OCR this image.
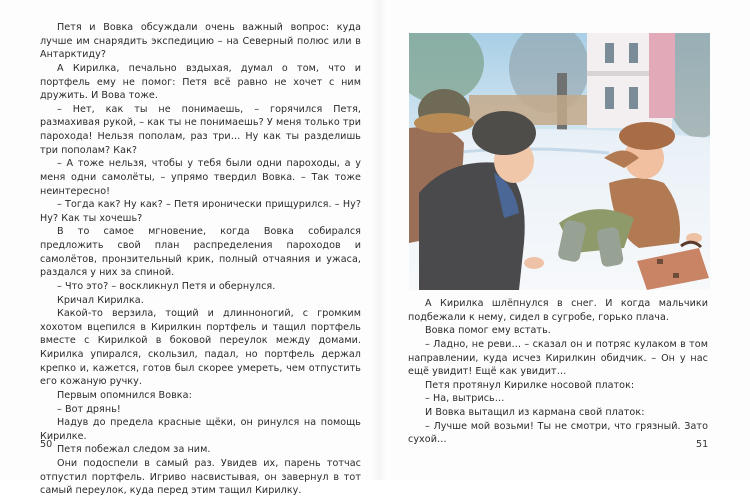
Петя и Вовка обсуждали очень важный вопрос: куда лучше им снарядить экспедицию – на Северный полюс или в Антарктиду?

А Кирилка, печально вздыхая, думал о том, что и портфель ему не помог: Петя всё равно не хочет с ним дружить. И Вова тоже.

– Нет, как ты не понимаешь, – горячился Петя, размахивая рукой, – как ты не понимаешь? У меня только три парохода! Нельзя пополам, раз три… Ну как ты разделишь три пополам? Как?

– А тоже нельзя, чтобы у тебя были одни пароходы, а у меня одни самолёты, – упрямо твердил Вовка. – Так тоже неинтересно!

– Тогда как? Ну как? – Петя иронически прищурился. – Ну? Ну? Как ты хочешь?

В то самое мгновение, когда Вовка собирался предложить свой план распределения пароходов и самолётов, пронзительный крик, полный отчаяния и ужаса, раздался у них за спиной.

– Что это? – воскликнул Петя и обернулся.

Кричал Кирилка.

Какой-то верзила, тощий и длинноногий, с громким хохотом вцепился в Кирилкин портфель и тащил портфель вместе с Кирилкой в боковой переулок между домами. Кирилка упирался, скользил, падал, но портфель держал крепко и, кажется, готов был скорее умереть, чем отпустить его кожаную ручку.

Первым опомнился Вовка:

– Вот дрянь!

Надув до предела красные щёки, он ринулся на помощь Кирилке.

Петя побежал следом за ним.

Они подоспели в самый раз. Увидев их, парень тотчас отпустил портфель. Игриво насвистывая, он завернул в тот самый переулок, куда перед этим тащил Кирилку.

50

А Кирилка шлёпнулся в снег. И когда мальчики подбежали к нему, сидел в сугробе, горько плача.

Вовка помог ему встать.

– Ладно, не реви… – сказал он и потряс кулаком в том направлении, куда исчез Кирилкин обидчик. – Он у нас ещё увидит! Ещё как увидит…

Петя протянул Кирилке носовой платок:

– На, вытрись…

И Вовка вытащил из кармана свой платок:

– Лучше мой возьми! Ты не смотри, что грязный. Зато сухой…	51
